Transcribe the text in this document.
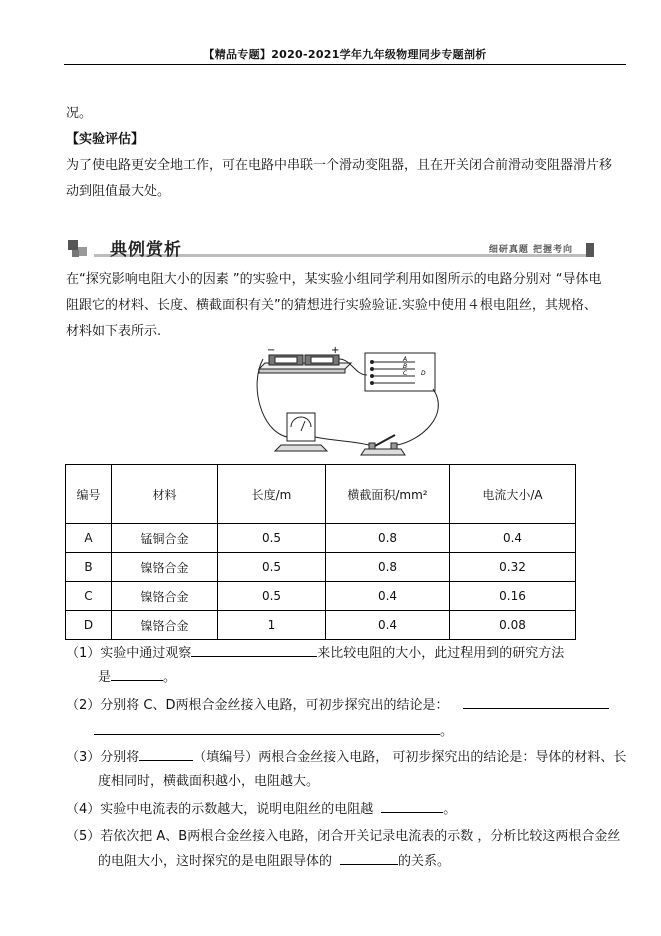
【精品专题】2020-2021学年九年级物理同步专题剖析
况。
【实验评估】
为了使电路更安全地工作，可在电路中串联一个滑动变阻器，且在开关闭合前滑动变阻器滑片移
动到阻值最大处。
典例赏析	细研真题 把握考向
在“探究影响电阻大小的因素 ”的实验中，某实验小组同学利用如图所示的电路分别对 “导体电
阻跟它的材料、长度、横截面积有关”的猜想进行实验验证.实验中使用４根电阻丝，其规格、
材料如下表所示.
−	+
A
B
C D
编号	材料	长度/m	横截面积/mm²	电流大小/A
A	锰铜合金	0.5	0.8	0.4
B	镍铬合金	0.5	0.8	0.32
C	镍铬合金	0.5	0.4	0.16
D	镍铬合金	1	0.4	0.08
（1）实验中通过观察	来比较电阻的大小，此过程用到的研究方法
是	。
（2）分别将 C、D两根合金丝接入电路，可初步探究出的结论是：
。
（3）分别将	（填编号）两根合金丝接入电路， 可初步探究出的结论是：导体的材料、长
度相同时，横截面积越小，电阻越大。
（4）实验中电流表的示数越大，说明电阻丝的电阻越	。
（5）若依次把 A、B两根合金丝接入电路，闭合开关记录电流表的示数 ，分析比较这两根合金丝
的电阻大小，这时探究的是电阻跟导体的	的关系。
